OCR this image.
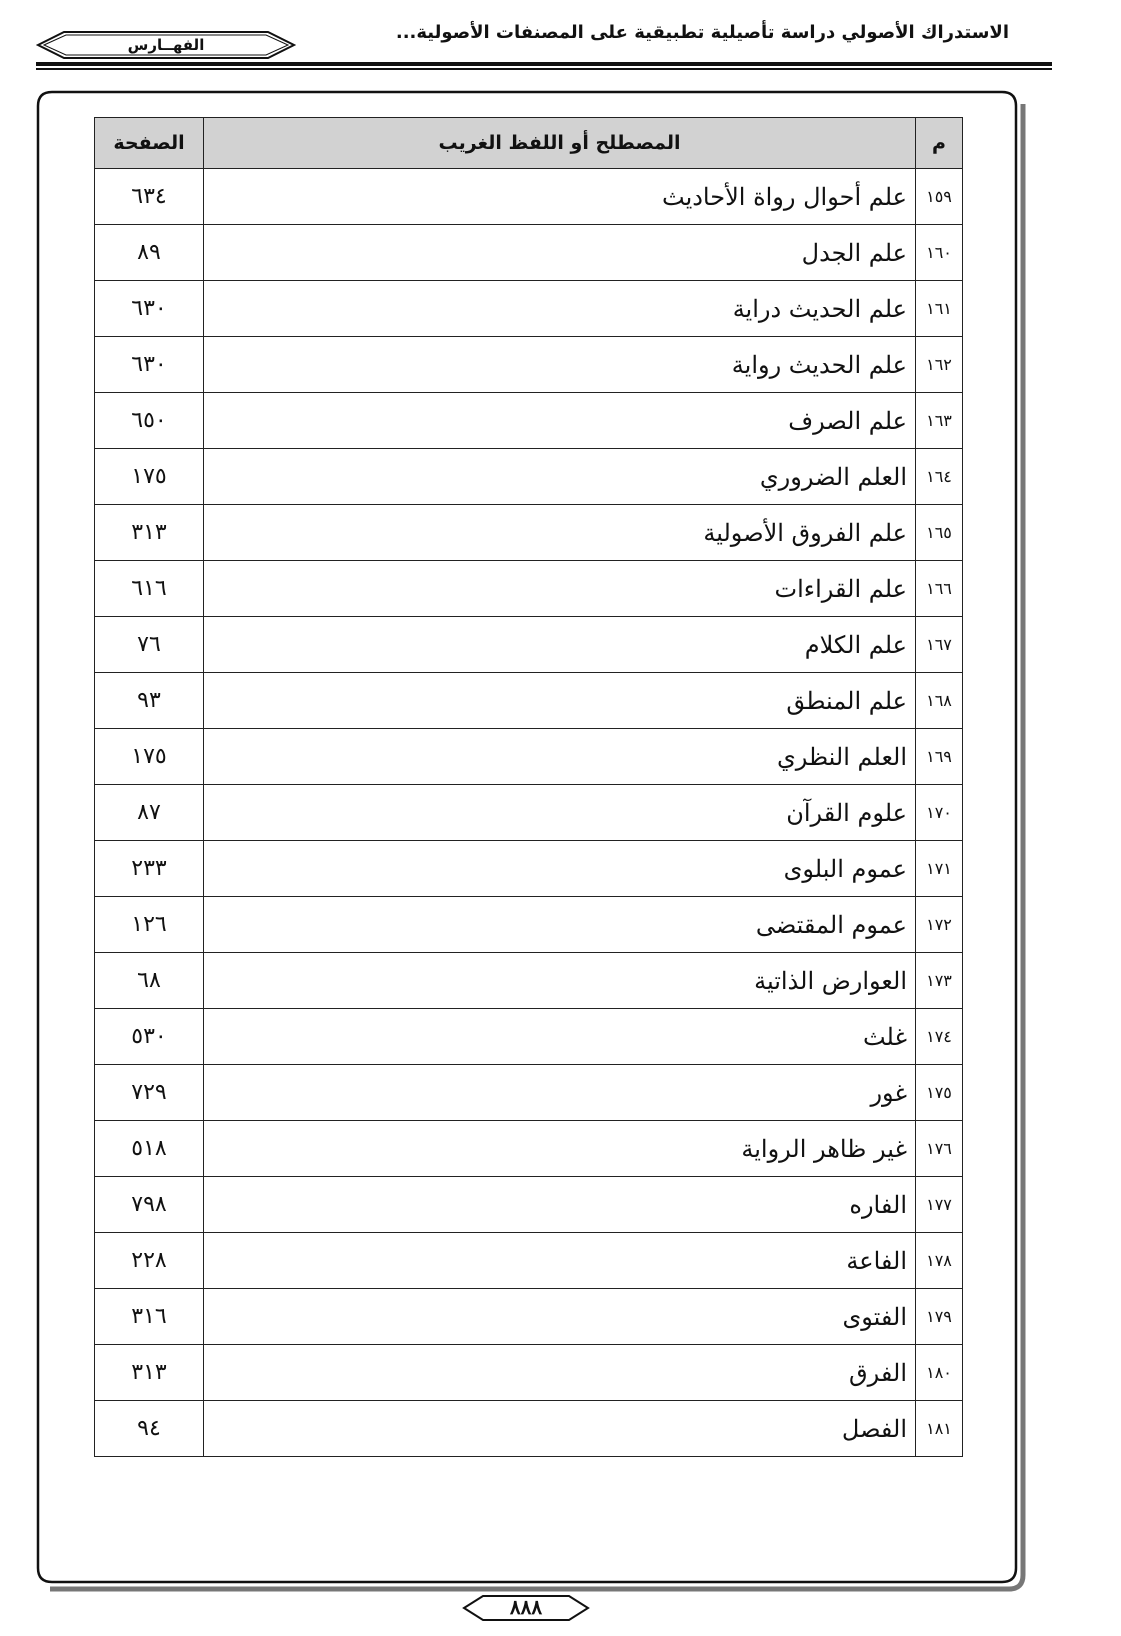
الاستدراك الأصولي دراسة تأصيلية تطبيقية على المصنفات الأصولية...
الفهــارس
م	المصطلح أو اللفظ الغريب	الصفحة
١٥٩	علم أحوال رواة الأحاديث	٦٣٤
١٦٠	علم الجدل	٨٩
١٦١	علم الحديث دراية	٦٣٠
١٦٢	علم الحديث رواية	٦٣٠
١٦٣	علم الصرف	٦٥٠
١٦٤	العلم الضروري	١٧٥
١٦٥	علم الفروق الأصولية	٣١٣
١٦٦	علم القراءات	٦١٦
١٦٧	علم الكلام	٧٦
١٦٨	علم المنطق	٩٣
١٦٩	العلم النظري	١٧٥
١٧٠	علوم القرآن	٨٧
١٧١	عموم البلوى	٢٣٣
١٧٢	عموم المقتضى	١٢٦
١٧٣	العوارض الذاتية	٦٨
١٧٤	غلث	٥٣٠
١٧٥	غور	٧٢٩
١٧٦	غير ظاهر الرواية	٥١٨
١٧٧	الفاره	٧٩٨
١٧٨	الفاعة	٢٢٨
١٧٩	الفتوى	٣١٦
١٨٠	الفرق	٣١٣
١٨١	الفصل	٩٤
٨٨٨
